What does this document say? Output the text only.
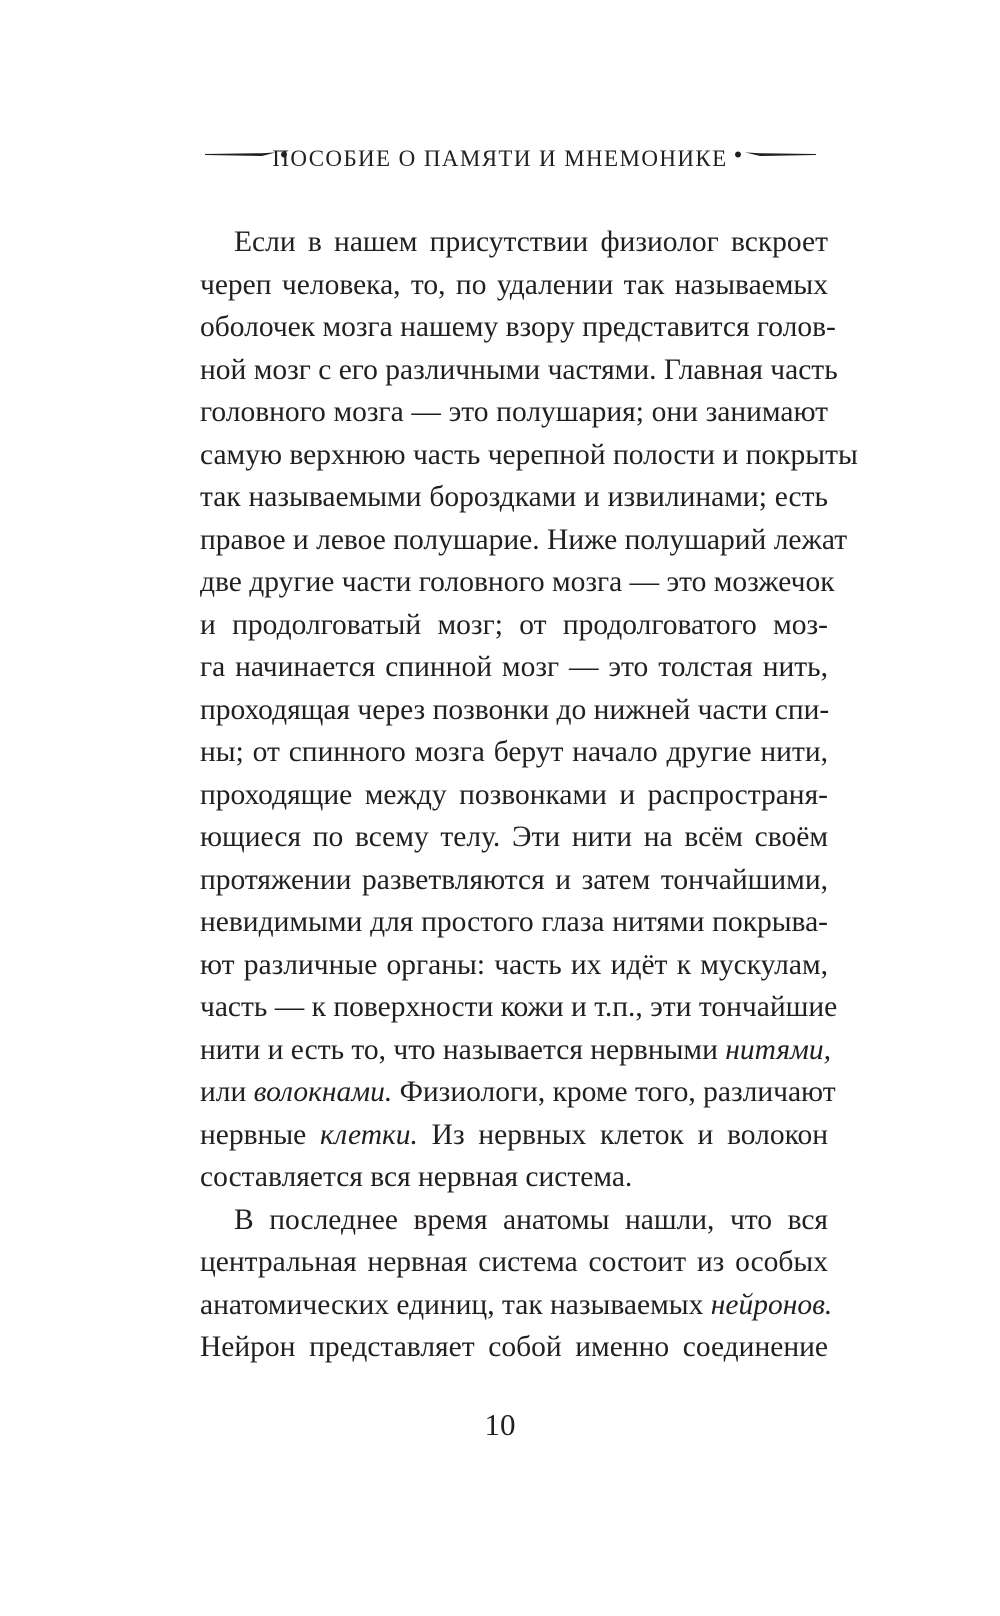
ПОСОБИЕ О ПАМЯТИ И МНЕМОНИКЕ
Если в нашем присутствии физиолог вскроет
череп человека, то, по удалении так называемых
оболочек мозга нашему взору представится голов-
ной мозг с его различными частями. Главная часть
головного мозга — это полушария; они занимают
самую верхнюю часть черепной полости и покрыты
так называемыми бороздками и извилинами; есть
правое и левое полушарие. Ниже полушарий лежат
две другие части головного мозга — это мозжечок
и продолговатый мозг; от продолговатого моз-
га начинается спинной мозг — это толстая нить,
проходящая через позвонки до нижней части спи-
ны; от спинного мозга берут начало другие нити,
проходящие между позвонками и распространя-
ющиеся по всему телу. Эти нити на всём своём
протяжении разветвляются и затем тончайшими,
невидимыми для простого глаза нитями покрыва-
ют различные органы: часть их идёт к мускулам,
часть — к поверхности кожи и т.п., эти тончайшие
нити и есть то, что называется нервными нитями,
или волокнами. Физиологи, кроме того, различают
нервные клетки. Из нервных клеток и волокон
составляется вся нервная система.
В последнее время анатомы нашли, что вся
центральная нервная система состоит из особых
анатомических единиц, так называемых нейронов.
Нейрон представляет собой именно соединение
10
